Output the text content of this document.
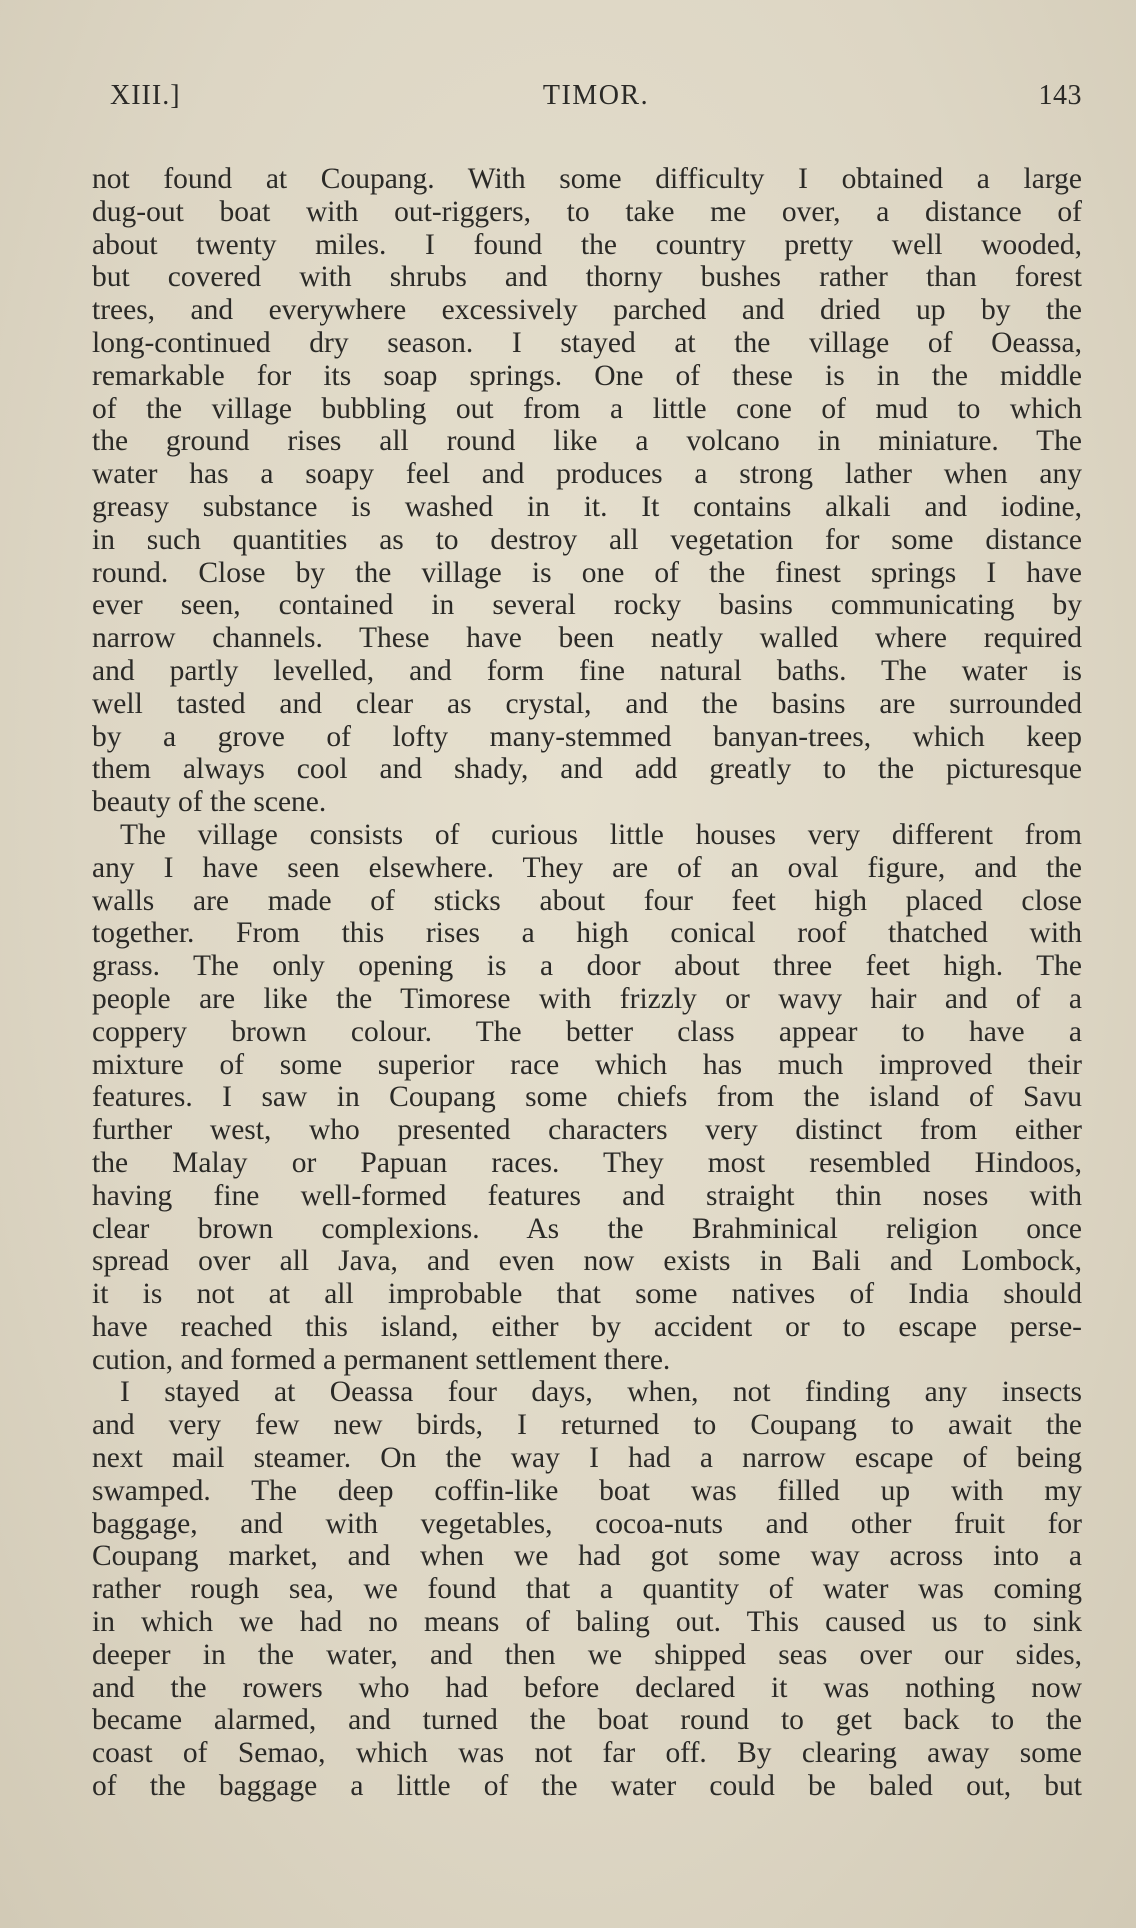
XIII.]	TIMOR.	143
not found at Coupang. With some difficulty I obtained a large
dug-out boat with out-riggers, to take me over, a distance of
about twenty miles. I found the country pretty well wooded,
but covered with shrubs and thorny bushes rather than forest
trees, and everywhere excessively parched and dried up by the
long-continued dry season. I stayed at the village of Oeassa,
remarkable for its soap springs. One of these is in the middle
of the village bubbling out from a little cone of mud to which
the ground rises all round like a volcano in miniature. The
water has a soapy feel and produces a strong lather when any
greasy substance is washed in it. It contains alkali and iodine,
in such quantities as to destroy all vegetation for some distance
round. Close by the village is one of the finest springs I have
ever seen, contained in several rocky basins communicating by
narrow channels. These have been neatly walled where required
and partly levelled, and form fine natural baths. The water is
well tasted and clear as crystal, and the basins are surrounded
by a grove of lofty many-stemmed banyan-trees, which keep
them always cool and shady, and add greatly to the picturesque
beauty of the scene.
The village consists of curious little houses very different from
any I have seen elsewhere. They are of an oval figure, and the
walls are made of sticks about four feet high placed close
together. From this rises a high conical roof thatched with
grass. The only opening is a door about three feet high. The
people are like the Timorese with frizzly or wavy hair and of a
coppery brown colour. The better class appear to have a
mixture of some superior race which has much improved their
features. I saw in Coupang some chiefs from the island of Savu
further west, who presented characters very distinct from either
the Malay or Papuan races. They most resembled Hindoos,
having fine well-formed features and straight thin noses with
clear brown complexions. As the Brahminical religion once
spread over all Java, and even now exists in Bali and Lombock,
it is not at all improbable that some natives of India should
have reached this island, either by accident or to escape perse-
cution, and formed a permanent settlement there.
I stayed at Oeassa four days, when, not finding any insects
and very few new birds, I returned to Coupang to await the
next mail steamer. On the way I had a narrow escape of being
swamped. The deep coffin-like boat was filled up with my
baggage, and with vegetables, cocoa-nuts and other fruit for
Coupang market, and when we had got some way across into a
rather rough sea, we found that a quantity of water was coming
in which we had no means of baling out. This caused us to sink
deeper in the water, and then we shipped seas over our sides,
and the rowers who had before declared it was nothing now
became alarmed, and turned the boat round to get back to the
coast of Semao, which was not far off. By clearing away some
of the baggage a little of the water could be baled out, but
